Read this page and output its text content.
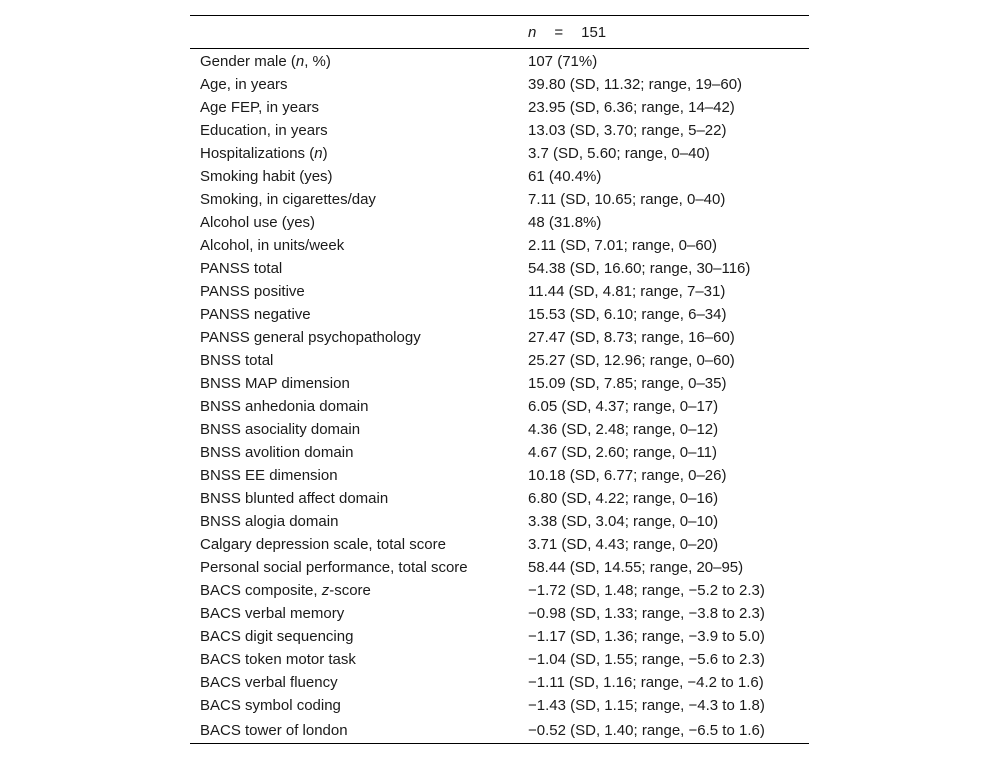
	n = 151
Gender male (n, %)	107 (71%)
Age, in years	39.80 (SD, 11.32; range, 19–60)
Age FEP, in years	23.95 (SD, 6.36; range, 14–42)
Education, in years	13.03 (SD, 3.70; range, 5–22)
Hospitalizations (n)	3.7 (SD, 5.60; range, 0–40)
Smoking habit (yes)	61 (40.4%)
Smoking, in cigarettes/day	7.11 (SD, 10.65; range, 0–40)
Alcohol use (yes)	48 (31.8%)
Alcohol, in units/week	2.11 (SD, 7.01; range, 0–60)
PANSS total	54.38 (SD, 16.60; range, 30–116)
PANSS positive	11.44 (SD, 4.81; range, 7–31)
PANSS negative	15.53 (SD, 6.10; range, 6–34)
PANSS general psychopathology	27.47 (SD, 8.73; range, 16–60)
BNSS total	25.27 (SD, 12.96; range, 0–60)
BNSS MAP dimension	15.09 (SD, 7.85; range, 0–35)
BNSS anhedonia domain	6.05 (SD, 4.37; range, 0–17)
BNSS asociality domain	4.36 (SD, 2.48; range, 0–12)
BNSS avolition domain	4.67 (SD, 2.60; range, 0–11)
BNSS EE dimension	10.18 (SD, 6.77; range, 0–26)
BNSS blunted affect domain	6.80 (SD, 4.22; range, 0–16)
BNSS alogia domain	3.38 (SD, 3.04; range, 0–10)
Calgary depression scale, total score	3.71 (SD, 4.43; range, 0–20)
Personal social performance, total score	58.44 (SD, 14.55; range, 20–95)
BACS composite, z-score	−1.72 (SD, 1.48; range, −5.2 to 2.3)
BACS verbal memory	−0.98 (SD, 1.33; range, −3.8 to 2.3)
BACS digit sequencing	−1.17 (SD, 1.36; range, −3.9 to 5.0)
BACS token motor task	−1.04 (SD, 1.55; range, −5.6 to 2.3)
BACS verbal fluency	−1.11 (SD, 1.16; range, −4.2 to 1.6)
BACS symbol coding	−1.43 (SD, 1.15; range, −4.3 to 1.8)
BACS tower of london	−0.52 (SD, 1.40; range, −6.5 to 1.6)
